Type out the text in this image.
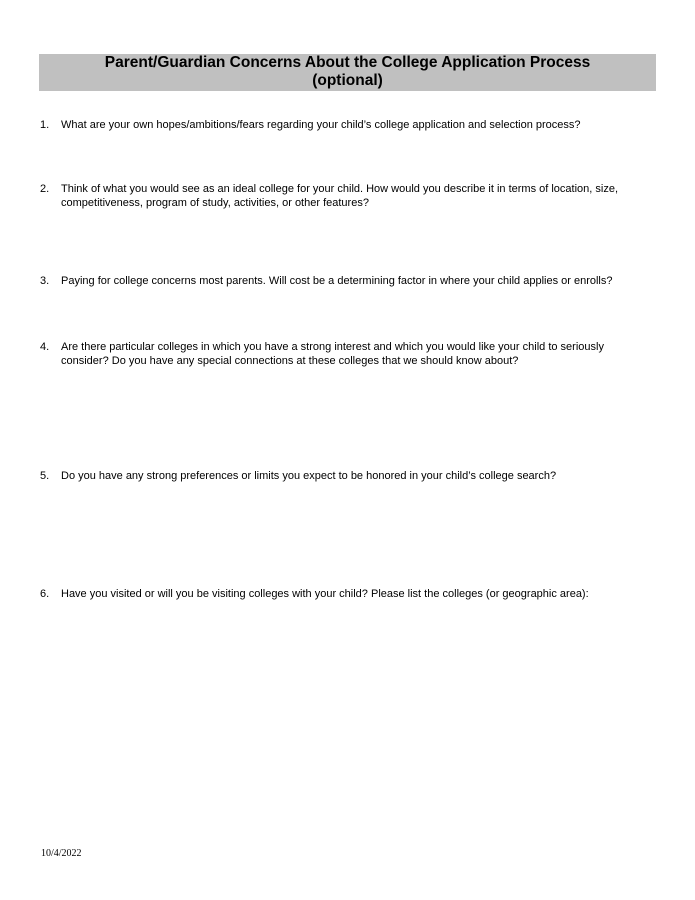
Parent/Guardian Concerns About the College Application Process
(optional)
1. What are your own hopes/ambitions/fears regarding your child’s college application and selection process?
2. Think of what you would see as an ideal college for your child. How would you describe it in terms of location, size, competitiveness, program of study, activities, or other features?
3. Paying for college concerns most parents. Will cost be a determining factor in where your child applies or enrolls?
4. Are there particular colleges in which you have a strong interest and which you would like your child to seriously consider? Do you have any special connections at these colleges that we should know about?
5. Do you have any strong preferences or limits you expect to be honored in your child’s college search?
6. Have you visited or will you be visiting colleges with your child? Please list the colleges (or geographic area):
10/4/2022
